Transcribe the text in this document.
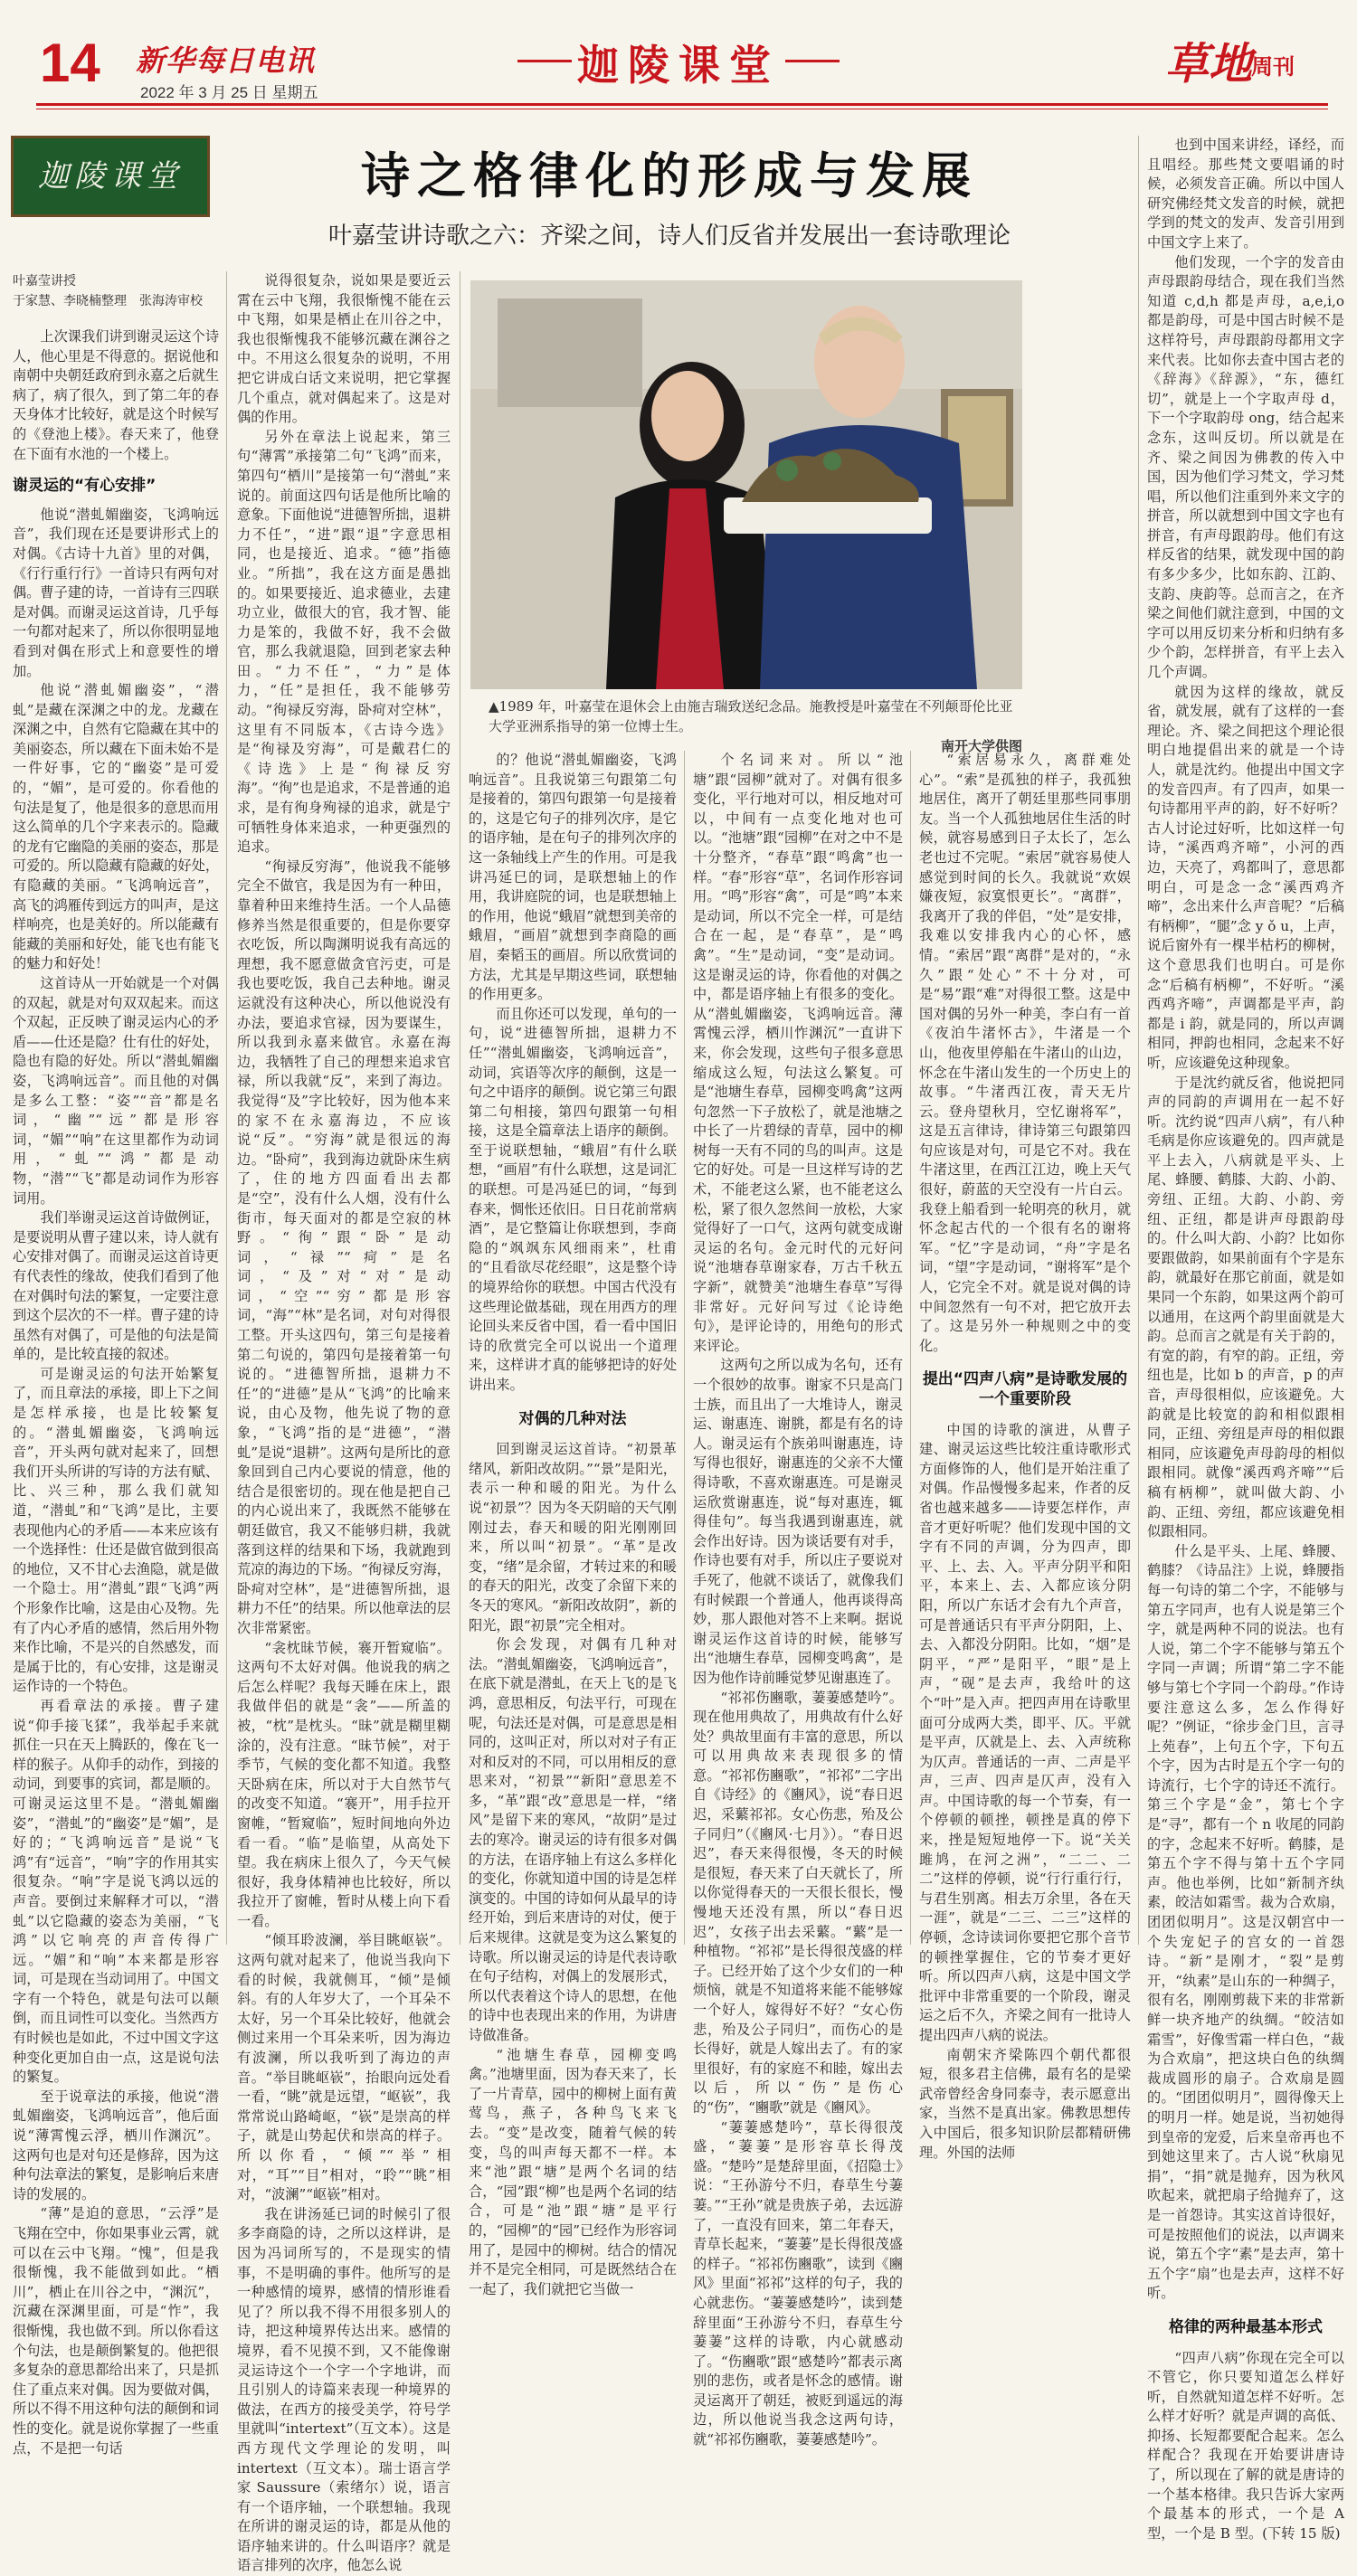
14 新华每日电讯
2022 年 3 月 25 日 星期五
迦陵课堂	草地
周刊
迦陵课堂	诗之格律化的形成与发展
叶嘉莹讲诗歌之六：齐梁之间，诗人们反省并发展出一套诗歌理论
▲1989 年，叶嘉莹在退休会上由施吉瑞致送纪念品。施教授是叶嘉莹在不列颠哥伦比亚大学亚洲系指导的第一位博士生。
南开大学供图

叶嘉莹讲授
于家慧、李晓楠整理　张海涛审校

上次课我们讲到谢灵运这个诗人，他心里是不得意的。据说他和南朝中央朝廷政府到永嘉之后就生病了，病了很久，到了第二年的春天身体才比较好，就是这个时候写的《登池上楼》。春天来了，他登在下面有水池的一个楼上。

谢灵运的“有心安排”

他说“潜虬媚幽姿，飞鸿响远音”，我们现在还是要讲形式上的对偶。《古诗十九首》里的对偶，《行行重行行》一首诗只有两句对偶。曹子建的诗，一首诗有三四联是对偶。而谢灵运这首诗，几乎每一句都对起来了，所以你很明显地看到对偶在形式上和意要性的增加。

他说“潜虬媚幽姿”，“潜虬”是藏在深渊之中的龙。龙藏在深渊之中，自然有它隐藏在其中的美丽姿态，所以藏在下面未始不是一件好事，它的“幽姿”是可爱的，“媚”，是可爱的。你看他的句法是复了，他是很多的意思而用这么简单的几个字来表示的。隐藏的龙有它幽隐的美丽的姿态，那是可爱的。所以隐藏有隐藏的好处，有隐藏的美丽。“飞鸿响远音”，高飞的鸿雁传到远方的叫声，是这样响亮，也是美好的。所以能藏有能藏的美丽和好处，能飞也有能飞的魅力和好处！

这首诗从一开始就是一个对偶的双起，就是对句双双起来。而这个双起，正反映了谢灵运内心的矛盾——仕还是隐？仕有仕的好处，隐也有隐的好处。所以“潜虬媚幽姿，飞鸿响远音”。而且他的对偶是多么工整：“姿”“音”都是名词，“幽”“远”都是形容词，“媚”“响”在这里都作为动词用，“虬”“鸿”都是动物，“潜”“飞”都是动词作为形容词用。

我们举谢灵运这首诗做例证，是要说明从曹子建以来，诗人就有心安排对偶了。而谢灵运这首诗更有代表性的缘故，使我们看到了他在对偶时句法的繁复，一定要注意到这个层次的不一样。曹子建的诗虽然有对偶了，可是他的句法是简单的，是比较直接的叙述。

可是谢灵运的句法开始繁复了，而且章法的承接，即上下之间是怎样承接，也是比较繁复的。“潜虬媚幽姿，飞鸿响远音”，开头两句就对起来了，回想我们开头所讲的写诗的方法有赋、比、兴三种，那么我们就知道，“潜虬”和“飞鸿”是比，主要表现他内心的矛盾——本来应该有一个选择性：仕还是做官做到很高的地位，又不甘心去渔隐，就是做一个隐士。用“潜虬”跟“飞鸿”两个形象作比喻，这是由心及物。先有了内心矛盾的感情，然后用外物来作比喻，不是兴的自然感发，而是属于比的，有心安排，这是谢灵运作诗的一个特色。

再看章法的承接。曹子建说“仰手接飞猱”，我举起手来就抓住一只在天上腾跃的，像在飞一样的猴子。从仰手的动作，到接的动词，到要事的宾词，都是顺的。可谢灵运这里不是。“潜虬媚幽姿”，“潜虬”的“幽姿”是“媚”，是好的；“飞鸿响远音”是说“飞鸿”有“远音”，“响”字的作用其实很复杂。“响”字是说飞鸿以远的声音。要倒过来解释才可以，“潜虬”以它隐藏的姿态为美丽，“飞鸿”以它响亮的声音传得广远。“媚”和“响”本来都是形容词，可是现在当动词用了。中国文字有一个特色，就是句法可以颠倒，而且词性可以变化。当然西方有时候也是如此，不过中国文字这种变化更加自由一点，这是说句法的繁复。

至于说章法的承接，他说“潜虬媚幽姿，飞鸿响远音”，他后面说“薄霄愧云浮，栖川作渊沉”。这两句也是对句还是修辞，因为这种句法章法的繁复，是影响后来唐诗的发展的。

“薄”是迫的意思，“云浮”是飞翔在空中，你如果事业云霄，就可以在云中飞翔。“愧”，但是我很惭愧，我不能做到如此。“栖川”，栖止在川谷之中，“渊沉”，沉藏在深渊里面，可是“怍”，我很惭愧，我也做不到。所以你看这个句法，也是颠倒繁复的。他把很多复杂的意思都给出来了，只是抓住了重点来对偶。因为要做对偶，所以不得不用这种句法的颠倒和词性的变化。就是说你掌握了一些重点，不是把一句话

说得很复杂，说如果是要近云霄在云中飞翔，我很惭愧不能在云中飞翔，如果是栖止在川谷之中，我也很惭愧我不能够沉藏在渊谷之中。不用这么很复杂的说明，不用把它讲成白话文来说明，把它掌握几个重点，就对偶起来了。这是对偶的作用。

另外在章法上说起来，第三句“薄霄”承接第二句“飞鸿”而来，第四句“栖川”是接第一句“潜虬”来说的。前面这四句话是他所比喻的意象。下面他说“进德智所拙，退耕力不任”，“进”跟“退”字意思相同，也是接近、追求。“德”指德业。“所拙”，我在这方面是愚拙的。如果要接近、追求德业，去建功立业，做很大的官，我才智、能力是笨的，我做不好，我不会做官，那么我就退隐，回到老家去种田。“力不任”，“力”是体力，“任”是担任，我不能够劳动。“徇禄反穷海，卧疴对空林”，这里有不同版本，《古诗今选》是“徇禄及穷海”，可是戴君仁的《诗选》上是“徇禄反穷海”。“徇”也是追求，不是普通的追求，是有徇身殉禄的追求，就是宁可牺牲身体来追求，一种更强烈的追求。

“徇禄反穷海”，他说我不能够完全不做官，我是因为有一种田，靠着种田来维持生活。一个人品德修养当然是很重要的，但是你要穿衣吃饭，所以陶渊明说我有高远的理想，我不愿意做贪官污吏，可是我也要吃饭，我自己去种地。谢灵运就没有这种决心，所以他说没有办法，要追求官禄，因为要谋生，所以我到永嘉来做官。永嘉在海边，我牺牲了自己的理想来追求官禄，所以我就“反”，来到了海边。我觉得“及”字比较好，因为他本来的家不在永嘉海边，不应该说“反”。“穷海”就是很远的海边。“卧疴”，我到海边就卧床生病了，住的地方四面看出去都是“空”，没有什么人烟，没有什么街市，每天面对的都是空寂的林野。“徇”跟“卧”是动词，“禄”“疴”是名词，“及”对“对”是动词，“空”“穷”都是形容词，“海”“林”是名词，对句对得很工整。开头这四句，第三句是接着第二句说的，第四句是接着第一句说的。“进德智所拙，退耕力不任”的“进德”是从“飞鸿”的比喻来说，由心及物，他先说了物的意象，“飞鸿”指的是“进德”，“潜虬”是说“退耕”。这两句是所比的意象回到自己内心要说的情意，他的结合是很密切的。现在他是把自己的内心说出来了，我既然不能够在朝廷做官，我又不能够归耕，我就落到这样的结果和下场，我就跑到荒凉的海边的下场。“徇禄反穷海，卧疴对空林”，是“进德智所拙，退耕力不任”的结果。所以他章法的层次非常紧密。

“衾枕昧节候，褰开暂窥临”。这两句不太好对偶。他说我的病之后怎么样呢？我每天睡在床上，跟我做伴侣的就是“衾”——所盖的被，“枕”是枕头。“昧”就是糊里糊涂的，没有注意。“昧节候”，对于季节，气候的变化都不知道。我整天卧病在床，所以对于大自然节气的改变不知道。“褰开”，用手拉开窗帷，“暂窥临”，短时间地向外边看一看。“临”是临望，从高处下望。我在病床上很久了，今天气候很好，我身体精神也比较好，所以我拉开了窗帷，暂时从楼上向下看一看。

“倾耳聆波澜，举目眺岖嵚”。这两句就对起来了，他说当我向下看的时候，我就侧耳，“倾”是倾斜。有的人年岁大了，一个耳朵不太好，另一个耳朵比较好，他就会侧过来用一个耳朵来听，因为海边有波澜，所以我听到了海边的声音。“举目眺岖嵚”，抬眼向远处看一看，“眺”就是远望，“岖嵚”，我常常说山路崎岖，“嵚”是崇高的样子，就是山势起伏和崇高的样子。所以你看，“倾”“举”相对，“耳”“目”相对，“聆”“眺”相对，“波澜”“岖嵚”相对。

我在讲汤延已词的时候引了很多李商隐的诗，之所以这样讲，是因为冯词所写的，不是现实的情事，不是明确的事件。他所写的是一种感情的境界，感情的情形谁看见了？所以我不得不用很多别人的诗，把这种境界传达出来。感情的境界，看不见摸不到，又不能像谢灵运诗这个一个字一个字地讲，而且引别人的诗篇来表现一种境界的做法，在西方的接受美学，符号学里就叫“intertext”（互文本）。这是西方现代文学理论的发明，叫 intertext（互文本）。瑞士语言学家 Saussure（索绪尔）说，语言有一个语序轴，一个联想轴。我现在所讲的谢灵运的诗，都是从他的语序轴来讲的。什么叫语序？就是语言排列的次序，他怎么说

的？他说“潜虬媚幽姿，飞鸿响远音”。且我说第三句跟第二句是接着的，第四句跟第一句是接着的，这是它句子的排列次序，是它的语序轴，是在句子的排列次序的这一条轴线上产生的作用。可是我讲冯延巳的词，是联想轴上的作用，我讲庭院的词，也是联想轴上的作用，他说“蛾眉”就想到美帝的蛾眉，“画眉”就想到李商隐的画眉，秦韬玉的画眉。所以欣赏词的方法，尤其是早期这些词，联想轴的作用更多。

而且你还可以发现，单句的一句，说“进德智所拙，退耕力不任”“潜虬媚幽姿，飞鸿响远音”，动词，宾语等次序的颠倒，这是一句之中语序的颠倒。说它第三句跟第二句相接，第四句跟第一句相接，这是全篇章法上语序的颠倒。至于说联想轴，“蛾眉”有什么联想，“画眉”有什么联想，这是词汇的联想。可是冯延巳的词，“每到春来，惆怅还依旧。日日花前常病酒”，是它整篇让你联想到，李商隐的“飒飒东风细雨来”，杜甫的“且看欲尽花经眼”，这是整个诗的境界给你的联想。中国古代没有这些理论做基础，现在用西方的理论回头来反省中国，看一看中国旧诗的欣赏完全可以说出一个道理来，这样讲才真的能够把诗的好处讲出来。

对偶的几种对法

回到谢灵运这首诗。“初景革绪风，新阳改故阴。”“景”是阳光，表示一种和暖的阳光。为什么说“初景”？因为冬天阴暗的天气刚刚过去，春天和暖的阳光刚刚回来，所以叫“初景”。“革”是改变，“绪”是余留，才转过来的和暖的春天的阳光，改变了余留下来的冬天的寒风。“新阳改故阴”，新的阳光，跟“初景”完全相对。

你会发现，对偶有几种对法。“潜虬媚幽姿，飞鸿响远音”，在底下就是潜虬，在天上飞的是飞鸿，意思相反，句法平行，可现在呢，句法还是对偶，可是意思是相同的，这叫正对，所以对对子有正对和反对的不同，可以用相反的意思来对，“初景”“新阳”意思差不多，“革”跟“改”意思是一样，“绪风”是留下来的寒风，“故阴”是过去的寒冷。谢灵运的诗有很多对偶的方法，在语序轴上有这么多样化的变化，你就知道中国的诗是怎样演变的。中国的诗如何从最早的诗经开始，到后来唐诗的对仗，便于后来规律。这就是变为这么繁复的诗歌。所以谢灵运的诗是代表诗歌在句子结构，对偶上的发展形式，所以代表着这个诗人的思想，在他的诗中也表现出来的作用，为讲唐诗做准备。

“池塘生春草，园柳变鸣禽。”池塘里面，因为春天来了，长了一片青草，园中的柳树上面有黄莺鸟，燕子，各种鸟飞来飞去。“变”是改变，随着气候的转变，鸟的叫声每天都不一样。本来“池”跟“塘”是两个名词的结合，“园”跟“柳”也是两个名词的结合，可是“池”跟“塘”是平行的，“园柳”的“园”已经作为形容词用了，是园中的柳树。结合的情况并不是完全相同，可是既然结合在一起了，我们就把它当做一

个名词来对。所以“池塘”跟“园柳”就对了。对偶有很多变化，平行地对可以，相反地对可以，中间有一点变化地对也可以。“池塘”跟“园柳”在对之中不是十分整齐，“春草”跟“鸣禽”也一样。“春”形容“草”，名词作形容词用。“鸣”形容“禽”，可是“鸣”本来是动词，所以不完全一样，可是结合在一起，是“春草”，是“鸣禽”。“生”是动词，“变”是动词。这是谢灵运的诗，你看他的对偶之中，都是语序轴上有很多的变化。从“潜虬媚幽姿，飞鸿响远音。薄霄愧云浮，栖川怍渊沉”一直讲下来，你会发现，这些句子很多意思缩成这么短，句法这么繁复。可是“池塘生春草，园柳变鸣禽”这两句忽然一下子放松了，就是池塘之中长了一片碧绿的青草，园中的柳树每一天有不同的鸟的叫声。这是它的好处。可是一旦这样写诗的艺术，不能老这么紧，也不能老这么松，紧了很久忽然间一放松，大家觉得好了一口气，这两句就变成谢灵运的名句。金元时代的元好问说“池塘春草谢家春，万古千秋五字新”，就赞美“池塘生春草”写得非常好。元好问写过《论诗绝句》，是评论诗的，用绝句的形式来评论。

这两句之所以成为名句，还有一个很妙的故事。谢家不只是高门士族，而且出了一大堆诗人，谢灵运、谢惠连、谢朓，都是有名的诗人。谢灵运有个族弟叫谢惠连，诗写得也很好，谢惠连的父亲不大懂得诗歌，不喜欢谢惠连。可是谢灵运欣赏谢惠连，说“每对惠连，辄得佳句”。每当我遇到谢惠连，就会作出好诗。因为谈话要有对手，作诗也要有对手，所以庄子要说对手死了，他就不谈话了，就像我们有时候跟一个普通人，他再谈得高妙，那人跟他对答不上来啊。据说谢灵运作这首诗的时候，能够写出“池塘生春草，园柳变鸣禽”，是因为他作诗前睡觉梦见谢惠连了。

“祁祁伤豳歌，萋萋感楚吟”。现在他用典故了，用典故有什么好处？典故里面有丰富的意思，所以可以用典故来表现很多的情意。“祁祁伤豳歌”，“祁祁”二字出自《诗经》的《豳风》，说“春日迟迟，采蘩祁祁。女心伤悲，殆及公子同归”（《豳风·七月》）。“春日迟迟”，春天来得很慢，冬天的时候是很短，春天来了白天就长了，所以你觉得春天的一天很长很长，慢慢地天还没有黑，所以“春日迟迟”，女孩子出去采蘩。“蘩”是一种植物。“祁祁”是长得很茂盛的样子。已经开始了这个少女们的一种烦恼，就是不知道将来能不能够嫁一个好人，嫁得好不好？“女心伤悲，殆及公子同归”，而伤心的是长得好，就是人嫁出去了。有的家里很好，有的家庭不和睦，嫁出去以后，所以“伤”是伤心的“伤”，“豳歌”就是《豳风》。

“萋萋感楚吟”，草长得很茂盛，“萋萋”是形容草长得茂盛。“楚吟”是楚辞里面，《招隐士》说：“王孙游兮不归，春草生兮萋萋。”“王孙”就是贵族子弟，去远游了，一直没有回来，第二年春天，青草长起来，“萋萋”是长得很茂盛的样子。“祁祁伤豳歌”，读到《豳风》里面“祁祁”这样的句子，我的心就悲伤。“萋萋感楚吟”，读到楚辞里面“王孙游兮不归，春草生兮萋萋”这样的诗歌，内心就感动了。“伤豳歌”跟“感楚吟”都表示离别的悲伤，或者是怀念的感情。谢灵运离开了朝廷，被贬到遥远的海边，所以他说当我念这两句诗，就“祁祁伤豳歌，萋萋感楚吟”。

“索居易永久，离群难处心”。“索”是孤独的样子，我孤独地居住，离开了朝廷里那些同事朋友。当一个人孤独地居住生活的时候，就容易感到日子太长了，怎么老也过不完呢。“索居”就容易使人感觉到时间的长久。我就说“欢娱嫌夜短，寂寞恨更长”。“离群”，我离开了我的伴侣，“处”是安排，我难以安排我内心的心怀，感情。“索居”跟“离群”是对的，“永久”跟“处心”不十分对，可是“易”跟“难”对得很工整。这是中国对偶的另外一种美，李白有一首《夜泊牛渚怀古》，牛渚是一个山，他夜里停船在牛渚山的山边，怀念在牛渚山发生的一个历史上的故事。“牛渚西江夜，青天无片云。登舟望秋月，空忆谢将军”，这是五言律诗，律诗第三句跟第四句应该是对句，可是它不对。我在牛渚这里，在西江江边，晚上天气很好，蔚蓝的天空没有一片白云。我登上船看到一轮明亮的秋月，就怀念起古代的一个很有名的谢将军。“忆”字是动词，“舟”字是名词，“望”字是动词，“谢将军”是个人，它完全不对。就是说对偶的诗中间忽然有一句不对，把它放开去了。这是另外一种规则之中的变化。

提出“四声八病”是诗歌发展的一个重要阶段

中国的诗歌的演进，从曹子建、谢灵运这些比较注重诗歌形式方面修饰的人，他们是开始注重了对偶。作品慢慢多起来，作者的反省也越来越多——诗要怎样作，声音才更好听呢？他们发现中国的文字有不同的声调，分为四声，即平、上、去、入。平声分阴平和阳平，本来上、去、入都应该分阴阳，所以广东话才会有九个声音，可是普通话只有平声分阴阳，上、去、入都没分阴阳。比如，“烟”是阴平，“严”是阳平，“眼”是上声，“砚”是去声，我给叶的这个“叶”是入声。把四声用在诗歌里面可分成两大类，即平、仄。平就是平声，仄就是上、去、入声统称为仄声。普通话的一声、二声是平声，三声、四声是仄声，没有入声。中国诗歌的每一个节奏，有一个停顿的顿挫，顿挫是真的停下来，挫是短短地停一下。说“关关雎鸠，在河之洲”，“二二、二二”这样的停顿，说“行行重行行，与君生别离。相去万余里，各在天一涯”，就是“二三、二三”这样的停顿，念诗读词你要把它那个音节的顿挫掌握住，它的节奏才更好听。所以四声八病，这是中国文学批评中非常重要的一个阶段，谢灵运之后不久，齐梁之间有一批诗人提出四声八病的说法。

南朝宋齐梁陈四个朝代都很短，很多君主信佛，最有名的是梁武帝曾经舍身同泰寺，表示愿意出家，当然不是真出家。佛教思想传入中国后，很多知识阶层都精研佛理。外国的法师

也到中国来讲经，译经，而且唱经。那些梵文要唱诵的时候，必须发音正确。所以中国人研究佛经梵文发音的时候，就把学到的梵文的发声、发音引用到中国文字上来了。

他们发现，一个字的发音由声母跟韵母结合，现在我们当然知道 c,d,h 都是声母，a,e,i,o 都是韵母，可是中国古时候不是这样符号，声母跟韵母都用文字来代表。比如你去查中国古老的《辞海》《辞源》，“东，德红切”，就是上一个字取声母 d，下一个字取韵母 ong，结合起来念东，这叫反切。所以就是在齐、梁之间因为佛教的传入中国，因为他们学习梵文，学习梵唱，所以他们注重到外来文字的拼音，所以就想到中国文字也有拼音，有声母跟韵母。他们有这样反省的结果，就发现中国的韵有多少多少，比如东韵、江韵、支韵、庚韵等。总而言之，在齐梁之间他们就注意到，中国的文字可以用反切来分析和归纳有多少个韵，怎样拼音，有平上去入几个声调。

就因为这样的缘故，就反省，就发展，就有了这样的一套理论。齐、梁之间把这个理论很明白地提倡出来的就是一个诗人，就是沈约。他提出中国文字的发音四声。有了四声，如果一句诗都用平声的韵，好不好听？古人讨论过好听，比如这样一句诗，“溪西鸡齐啼”，小河的西边，天亮了，鸡都叫了，意思都明白，可是念一念“溪西鸡齐啼”，念出来什么声音呢？“后稿有柄柳”，“腿”念 y ǒ u，上声，说后窗外有一棵半枯朽的柳树，这个意思我们也明白。可是你念“后稿有柄柳”，不好听。“溪西鸡齐啼”，声调都是平声，韵都是 i 韵，就是同的，所以声调相同，押韵也相同，念起来不好听，应该避免这种现象。

于是沈约就反省，他说把同声的同韵的声调用在一起不好听。沈约说“四声八病”，有八种毛病是你应该避免的。四声就是平上去入，八病就是平头、上尾、蜂腰、鹤膝、大韵、小韵、旁纽、正纽。大韵、小韵、旁纽、正纽，都是讲声母跟韵母的。什么叫大韵、小韵？比如你要跟做韵，如果前面有个字是东韵，就最好在那它前面，就是如果同一个东韵，如果这两个韵可以通用，在这两个韵里面就是大韵。总而言之就是有关于韵的，有宽的韵，有窄的韵。正纽，旁纽也是，比如 b 的声音，p 的声音，声母很相似，应该避免。大韵就是比较宽的韵和相似跟相同，正纽、旁纽是声母的相似跟相同，应该避免声母韵母的相似跟相同。就像“溪西鸡齐啼”“后稿有柄柳”，就叫做大韵、小韵、正纽、旁纽，都应该避免相似跟相同。

什么是平头、上尾、蜂腰、鹤膝？《诗品注》上说，蜂腰指每一句诗的第二个字，不能够与第五字同声，也有人说是第三个字，就是两种不同的说法。也有人说，第二个字不能够与第五个字同一声调；所谓“第二字不能够与第七个字同一个韵母。”作诗要注意这么多，怎么作得好呢？”例证，“徐步金门旦，言寻上苑春”，上句五个字，下句五个字，因为古时是五个字一句的诗流行，七个字的诗还不流行。第三个字是“金”，第七个字是“寻”，都有一个 n 收尾的同韵的字，念起来不好听。鹤膝，是第五个字不得与第十五个字同声。他也举例，比如“新制齐纨素，皎洁如霜雪。裁为合欢扇，团团似明月”。这是汉朝宫中一个失宠妃子的宫女的一首怨诗。“新”是刚才，“裂”是剪开，“纨素”是山东的一种绸子，很有名，刚刚剪裁下来的非常新鲜一块齐地产的纨绸。“皎洁如霜雪”，好像雪霜一样白色，“裁为合欢扇”，把这块白色的纨绸裁成圆形的扇子。合欢扇是圆的。“团团似明月”，圆得像天上的明月一样。她是说，当初她得到皇帝的宠爱，后来皇帝再也不到她这里来了。古人说“秋扇见捐”，“捐”就是抛弃，因为秋风吹起来，就把扇子给抛弃了，这是一首怨诗。其实这首诗很好，可是按照他们的说法，以声调来说，第五个字“素”是去声，第十五个字“扇”也是去声，这样不好听。

格律的两种最基本形式

“四声八病”你现在完全可以不管它，你只要知道怎么样好听，自然就知道怎样不好听。怎么样才好听？就是声调的高低、抑扬、长短都要配合起来。怎么样配合？我现在开始要讲唐诗了，所以现在了解的就是唐诗的一个基本格律。我只告诉大家两个最基本的形式，一个是 A 型，一个是 B 型。(下转 15 版)
